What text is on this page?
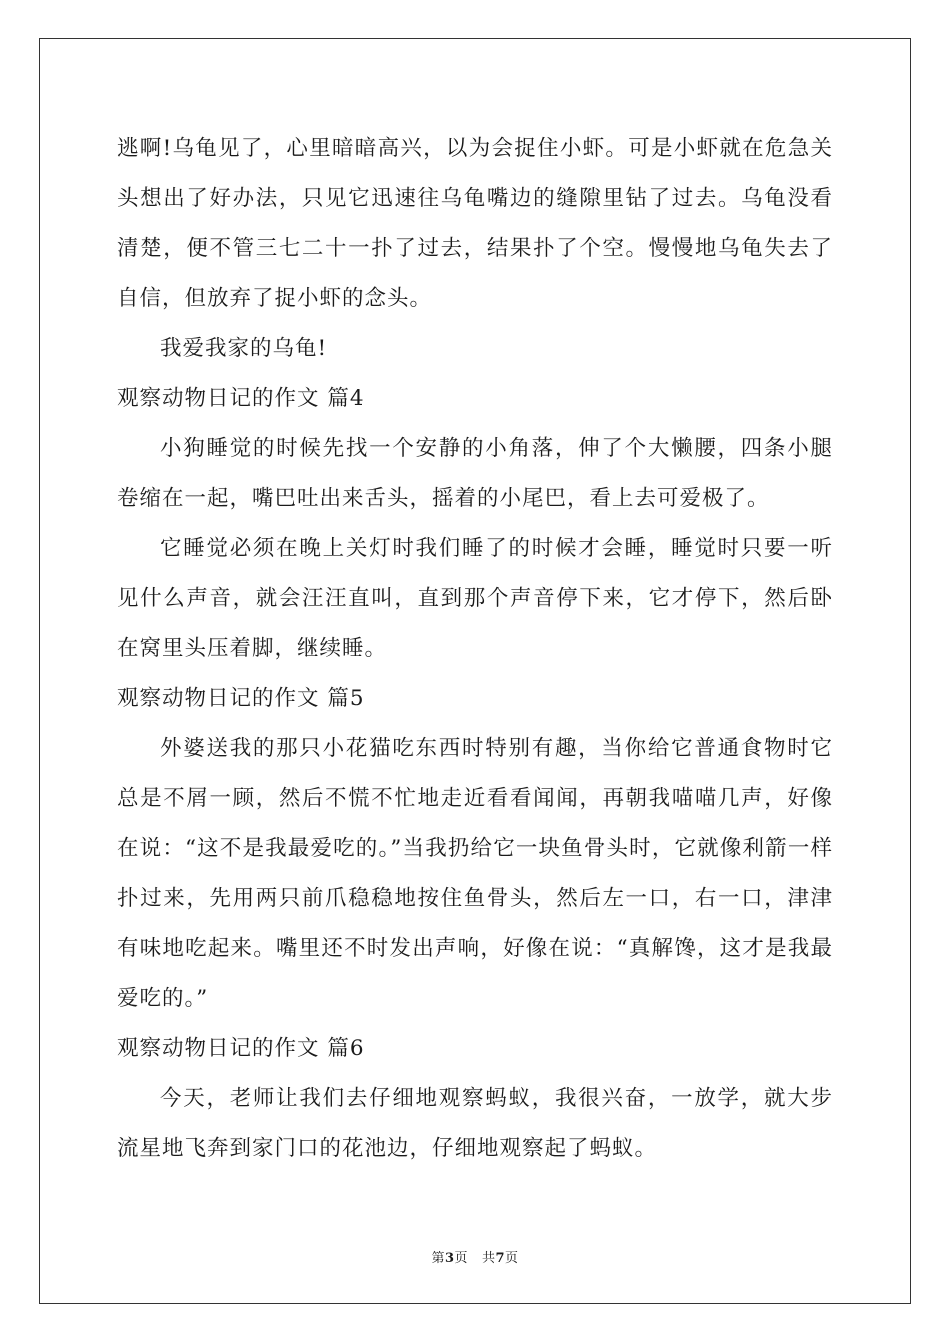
逃啊!乌龟见了，心里暗暗高兴，以为会捉住小虾。可是小虾就在危急关头想出了好办法，只见它迅速往乌龟嘴边的缝隙里钻了过去。乌龟没看清楚，便不管三七二十一扑了过去，结果扑了个空。慢慢地乌龟失去了自信，但放弃了捉小虾的念头。

我爱我家的乌龟!

观察动物日记的作文 篇4

小狗睡觉的时候先找一个安静的小角落，伸了个大懒腰，四条小腿卷缩在一起，嘴巴吐出来舌头，摇着的小尾巴，看上去可爱极了。

它睡觉必须在晚上关灯时我们睡了的时候才会睡，睡觉时只要一听见什么声音，就会汪汪直叫，直到那个声音停下来，它才停下，然后卧在窝里头压着脚，继续睡。

观察动物日记的作文 篇5

外婆送我的那只小花猫吃东西时特别有趣，当你给它普通食物时它总是不屑一顾，然后不慌不忙地走近看看闻闻，再朝我喵喵几声，好像在说：“这不是我最爱吃的。”当我扔给它一块鱼骨头时，它就像利箭一样扑过来，先用两只前爪稳稳地按住鱼骨头，然后左一口，右一口，津津有味地吃起来。嘴里还不时发出声响，好像在说：“真解馋，这才是我最爱吃的。”

观察动物日记的作文 篇6

今天，老师让我们去仔细地观察蚂蚁，我很兴奋，一放学，就大步流星地飞奔到家门口的花池边，仔细地观察起了蚂蚁。

第3页 共7页
